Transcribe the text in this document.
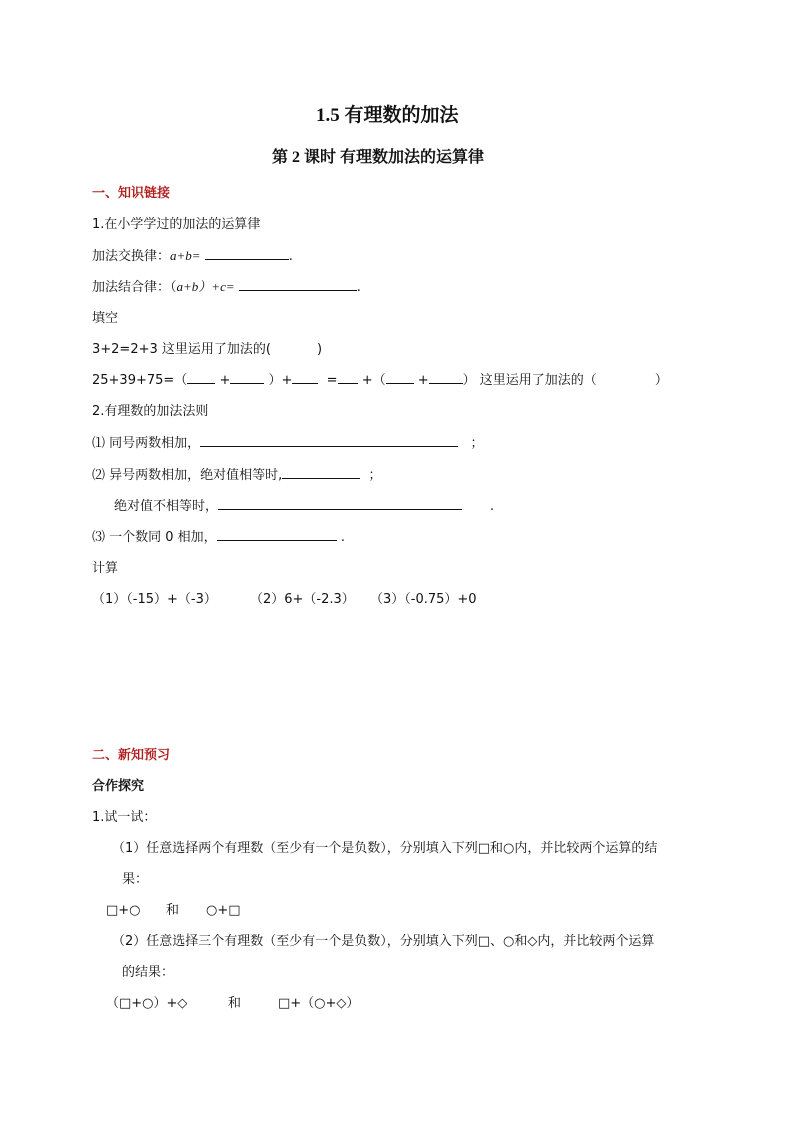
1.5 有理数的加法
第 2 课时 有理数加法的运算律
一、知识链接
1.在小学学过的加法的运算律
加法交换律：a+b=	.
加法结合律：（a+b）+c=	.
填空
3+2=2+3 这里运用了加法的(	)
25+39+75=（ +	）+	= +（ +	） 这里运用了加法的（	）
2.有理数的加法法则
⑴ 同号两数相加，	；
⑵ 异号两数相加，绝对值相等时,	；
绝对值不相等时，	.
⑶ 一个数同 0 相加，	.
计算
（1）（-15）+（-3）	（2）6+（-2.3） （3）（-0.75）+0
二、新知预习
合作探究
1.试一试：
（1）任意选择两个有理数（至少有一个是负数），分别填入下列□和○内，并比较两个运算的结
果：
□+○ 和 ○+□
（2）任意选择三个有理数（至少有一个是负数），分别填入下列□、○和◇内，并比较两个运算
的结果：
（□+○）+◇	和	□+（○+◇）
